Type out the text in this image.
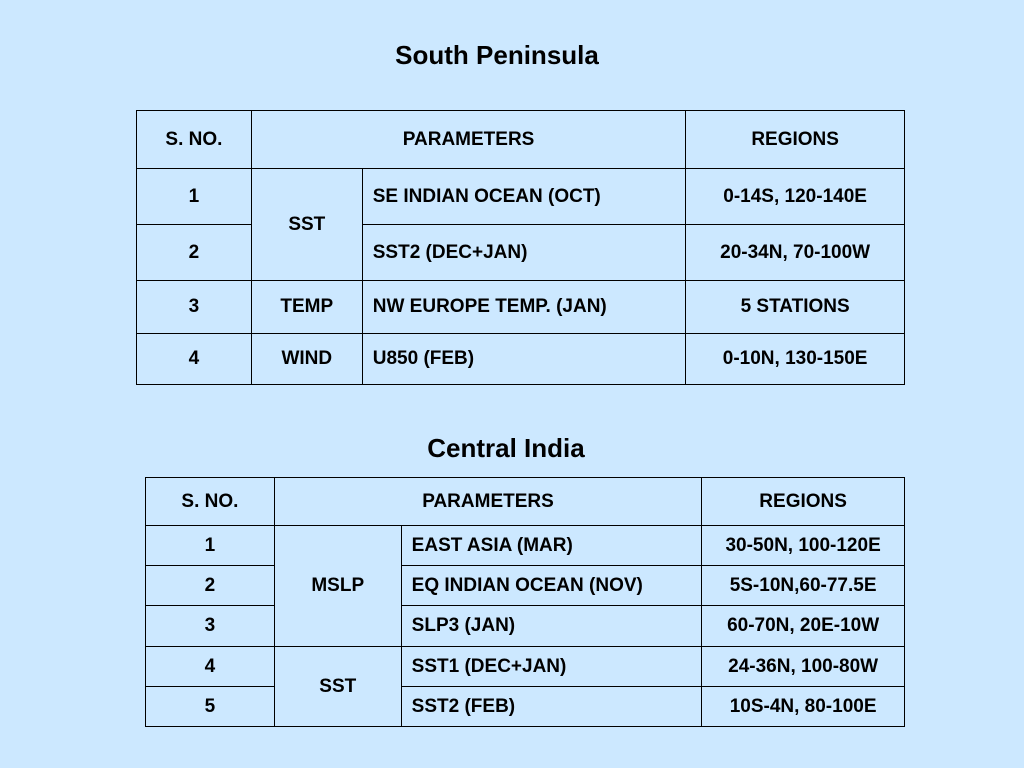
South Peninsula
S. NO.	PARAMETERS		REGIONS
1	SST	SE INDIAN OCEAN (OCT)	0-14S, 120-140E
2		SST2 (DEC+JAN)	20-34N, 70-100W
3	TEMP	NW EUROPE TEMP. (JAN)	5 STATIONS
4	WIND	U850 (FEB)	0-10N, 130-150E
Central India
S. NO.	PARAMETERS		REGIONS
1	MSLP	EAST ASIA (MAR)	30-50N, 100-120E
2		EQ INDIAN OCEAN (NOV)	5S-10N,60-77.5E
3		SLP3 (JAN)	60-70N, 20E-10W
4	SST	SST1 (DEC+JAN)	24-36N, 100-80W
5		SST2 (FEB)	10S-4N, 80-100E
